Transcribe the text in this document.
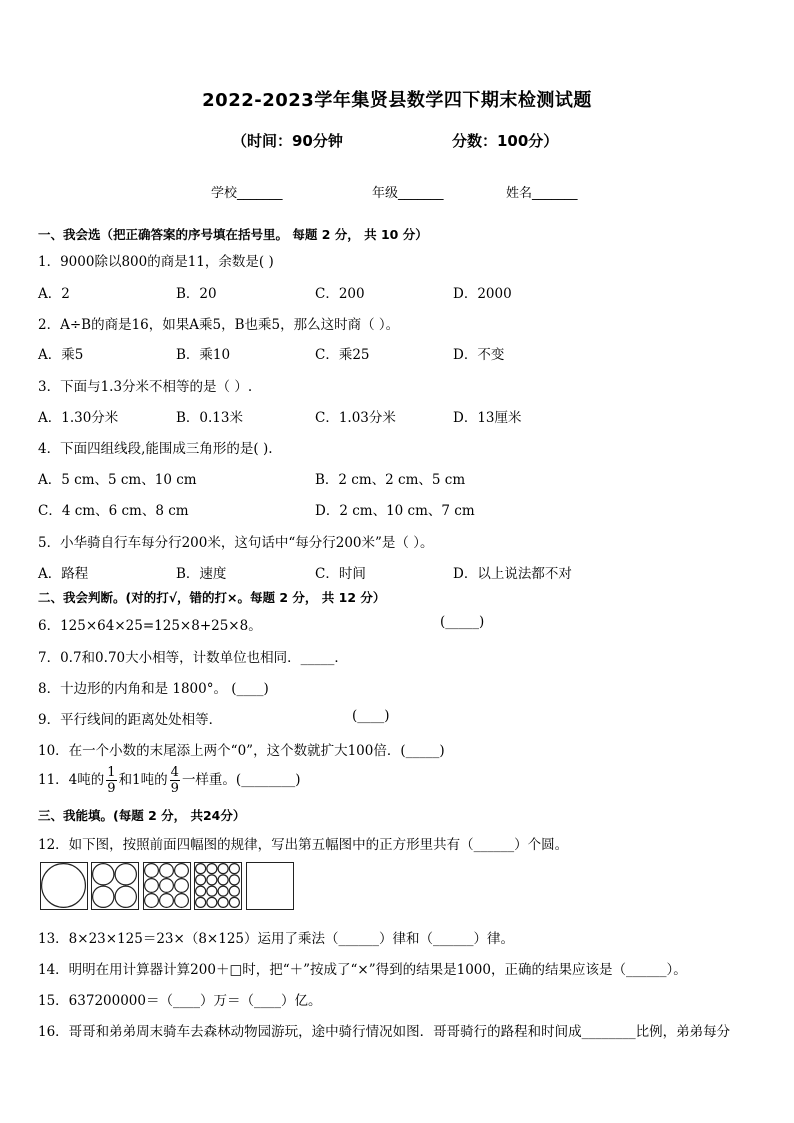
2022-2023学年集贤县数学四下期末检测试题
（时间：90分钟	分数：100分）
学校_______	年级_______	姓名_______
一、我会选（把正确答案的序号填在括号里。 每题 2 分， 共 10 分）
1．9000除以800的商是11，余数是( )
A．2	B．20	C．200	D．2000
2．A÷B的商是16，如果A乘5，B也乘5，那么这时商（ ）。
A．乘5	B．乘10	C．乘25	D．不变
3．下面与1.3分米不相等的是（ ）.
A．1.30分米	B．0.13米	C．1.03分米	D．13厘米
4．下面四组线段,能围成三角形的是( ).
A．5 cm、5 cm、10 cm	B．2 cm、2 cm、5 cm
C．4 cm、6 cm、8 cm	D．2 cm、10 cm、7 cm
5．小华骑自行车每分行200米，这句话中“每分行200米”是（ ）。
A．路程	B．速度	C．时间	D．以上说法都不对
二、我会判断。(对的打√，错的打×。每题 2 分， 共 12 分）
6．125×64×25=125×8+25×8。	(_____)
7．0.7和0.70大小相等，计数单位也相同．_____．
8．十边形的内角和是 1800°。 (____)
9．平行线间的距离处处相等．	(____)
10．在一个小数的末尾添上两个“0”，这个数就扩大100倍．(_____)
11．4吨的 $\frac{1}{9}$ 和1吨的 $\frac{4}{9}$ 一样重。(________)
三、我能填。(每题 2 分， 共24分）
12．如下图，按照前面四幅图的规律，写出第五幅图中的正方形里共有（______）个圆。
13．8×23×125＝23×（8×125）运用了乘法（______）律和（______）律。
14．明明在用计算器计算200＋□时，把“＋”按成了“×”得到的结果是1000，正确的结果应该是（______）。
15．637200000＝（____）万＝（____）亿。
16．哥哥和弟弟周末骑车去森林动物园游玩，途中骑行情况如图．哥哥骑行的路程和时间成________比例，弟弟每分
